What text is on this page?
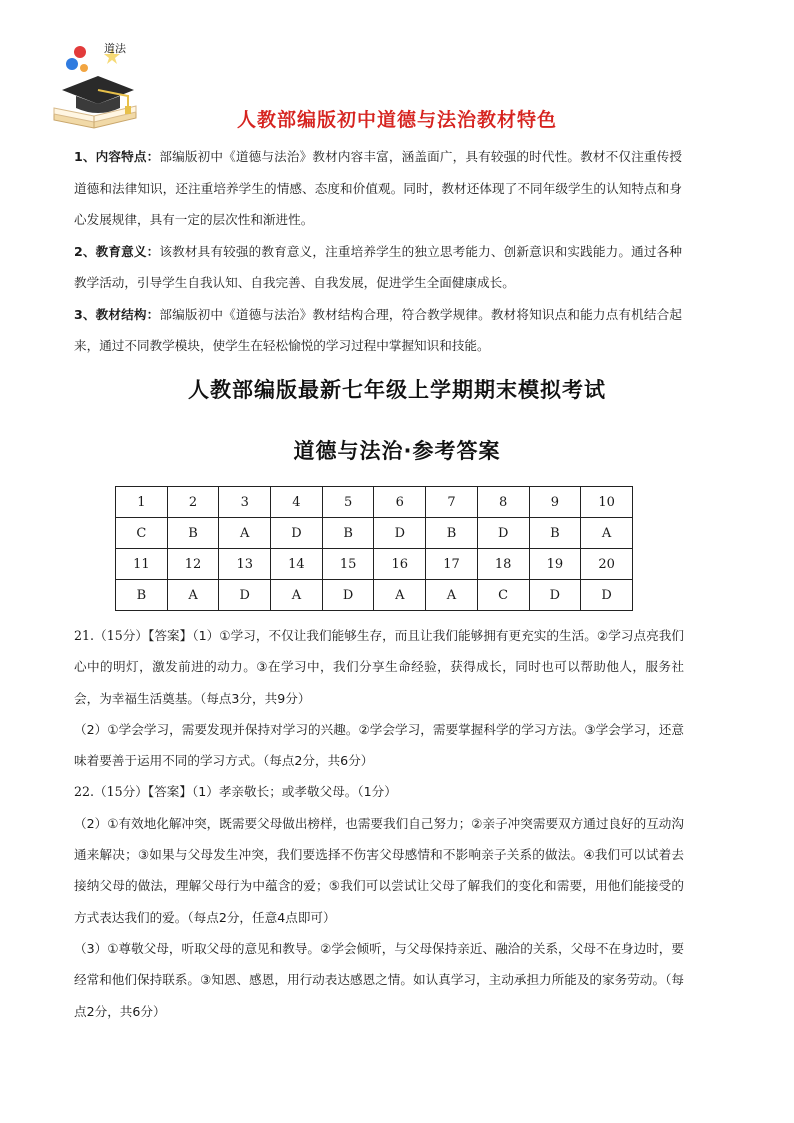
道法
人教部编版初中道德与法治教材特色

1、内容特点：部编版初中《道德与法治》教材内容丰富，涵盖面广，具有较强的时代性。教材不仅注重传授道德和法律知识，还注重培养学生的情感、态度和价值观。同时，教材还体现了不同年级学生的认知特点和身心发展规律，具有一定的层次性和渐进性。

2、教育意义：该教材具有较强的教育意义，注重培养学生的独立思考能力、创新意识和实践能力。通过各种教学活动，引导学生自我认知、自我完善、自我发展，促进学生全面健康成长。

3、教材结构：部编版初中《道德与法治》教材结构合理，符合教学规律。教材将知识点和能力点有机结合起来，通过不同教学模块，使学生在轻松愉悦的学习过程中掌握知识和技能。

人教部编版最新七年级上学期期末模拟考试
道德与法治·参考答案
1	2	3	4	5	6	7	8	9	10
C	B	A	D	B	D	B	D	B	A
11	12	13	14	15	16	17	18	19	20
B	A	D	A	D	A	A	C	D	D

21.（15分）【答案】（1）①学习，不仅让我们能够生存，而且让我们能够拥有更充实的生活。②学习点亮我们心中的明灯，激发前进的动力。③在学习中，我们分享生命经验，获得成长，同时也可以帮助他人，服务社会，为幸福生活奠基。（每点3分，共9分）

（2）①学会学习，需要发现并保持对学习的兴趣。②学会学习，需要掌握科学的学习方法。③学会学习，还意味着要善于运用不同的学习方式。（每点2分，共6分）

22.（15分）【答案】（1）孝亲敬长；或孝敬父母。（1分）

（2）①有效地化解冲突，既需要父母做出榜样，也需要我们自己努力；②亲子冲突需要双方通过良好的互动沟通来解决；③如果与父母发生冲突，我们要选择不伤害父母感情和不影响亲子关系的做法。④我们可以试着去接纳父母的做法，理解父母行为中蕴含的爱；⑤我们可以尝试让父母了解我们的变化和需要，用他们能接受的方式表达我们的爱。（每点2分，任意4点即可）

（3）①尊敬父母，听取父母的意见和教导。②学会倾听，与父母保持亲近、融洽的关系，父母不在身边时，要经常和他们保持联系。③知恩、感恩，用行动表达感恩之情。如认真学习，主动承担力所能及的家务劳动。（每点2分，共6分）
